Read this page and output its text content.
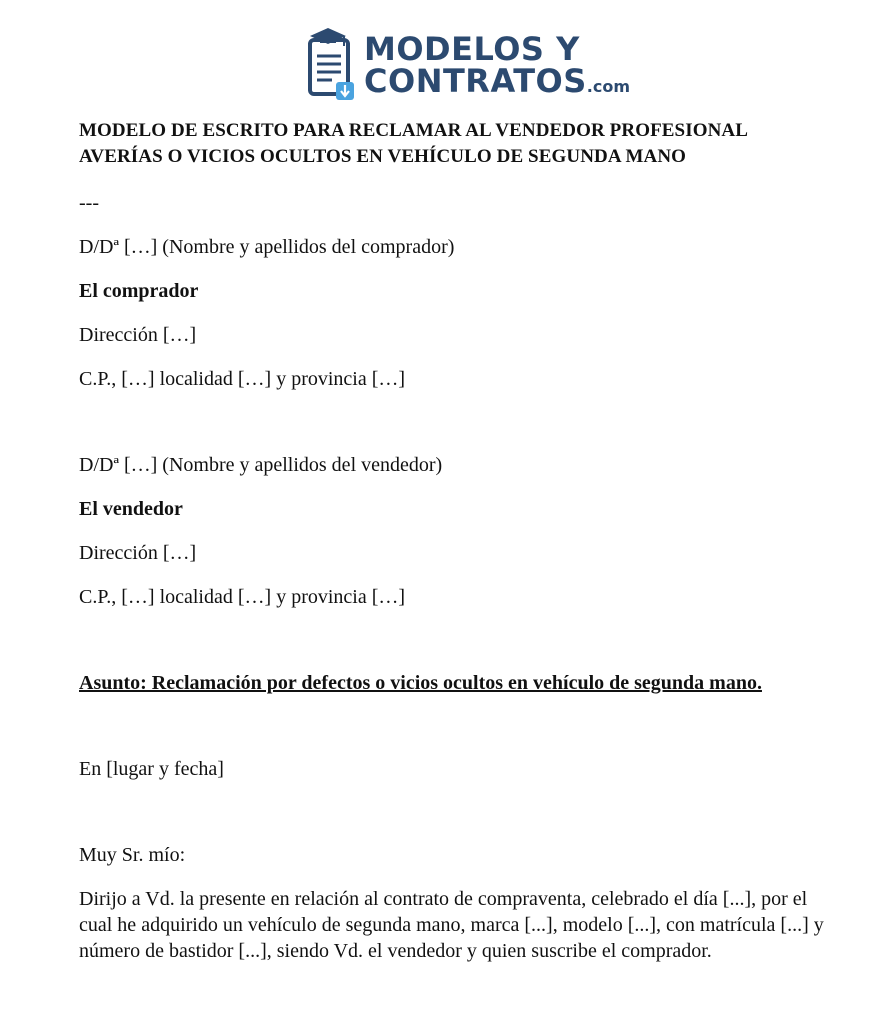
MODELOS Y
CONTRATOS.com
MODELO DE ESCRITO PARA RECLAMAR AL VENDEDOR PROFESIONAL
AVERÍAS O VICIOS OCULTOS EN VEHÍCULO DE SEGUNDA MANO

---

D/Dª […] (Nombre y apellidos del comprador)

El comprador

Dirección […]

C.P., […] localidad […] y provincia […]

D/Dª […] (Nombre y apellidos del vendedor)

El vendedor

Dirección […]

C.P., […] localidad […] y provincia […]

Asunto: Reclamación por defectos o vicios ocultos en vehículo de segunda mano.

En [lugar y fecha]

Muy Sr. mío:

Dirijo a Vd. la presente en relación al contrato de compraventa, celebrado el día [...], por el cual he adquirido un vehículo de segunda mano, marca [...], modelo [...], con matrícula [...] y número de bastidor [...], siendo Vd. el vendedor y quien suscribe el comprador.
